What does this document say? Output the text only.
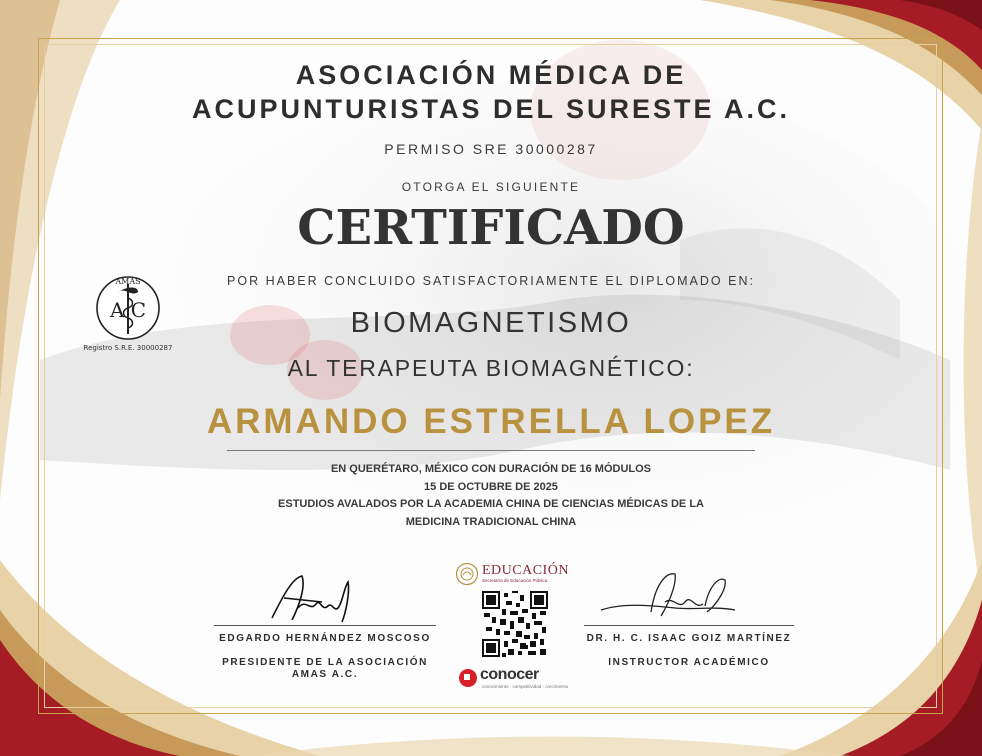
AMAS
A C
Registro S.R.E. 30000287
ASOCIACIÓN MÉDICA DE
ACUPUNTURISTAS DEL SURESTE A.C.
PERMISO SRE 30000287
OTORGA EL SIGUIENTE
CERTIFICADO
POR HABER CONCLUIDO SATISFACTORIAMENTE EL DIPLOMADO EN:
BIOMAGNETISMO
AL TERAPEUTA BIOMAGNÉTICO:
ARMANDO ESTRELLA LOPEZ
EN QUERÉTARO, MÉXICO CON DURACIÓN DE 16 MÓDULOS
15 DE OCTUBRE DE 2025
ESTUDIOS AVALADOS POR LA ACADEMIA CHINA DE CIENCIAS MÉDICAS DE LA
MEDICINA TRADICIONAL CHINA
EDGARDO HERNÁNDEZ MOSCOSO
PRESIDENTE DE LA ASOCIACIÓN
AMAS A.C.
DR. H. C. ISAAC GOIZ MARTÍNEZ
INSTRUCTOR ACADÉMICO
EDUCACIÓN
Secretaría de Educación Pública
conocer
conocimiento · competitividad · crecimiento
